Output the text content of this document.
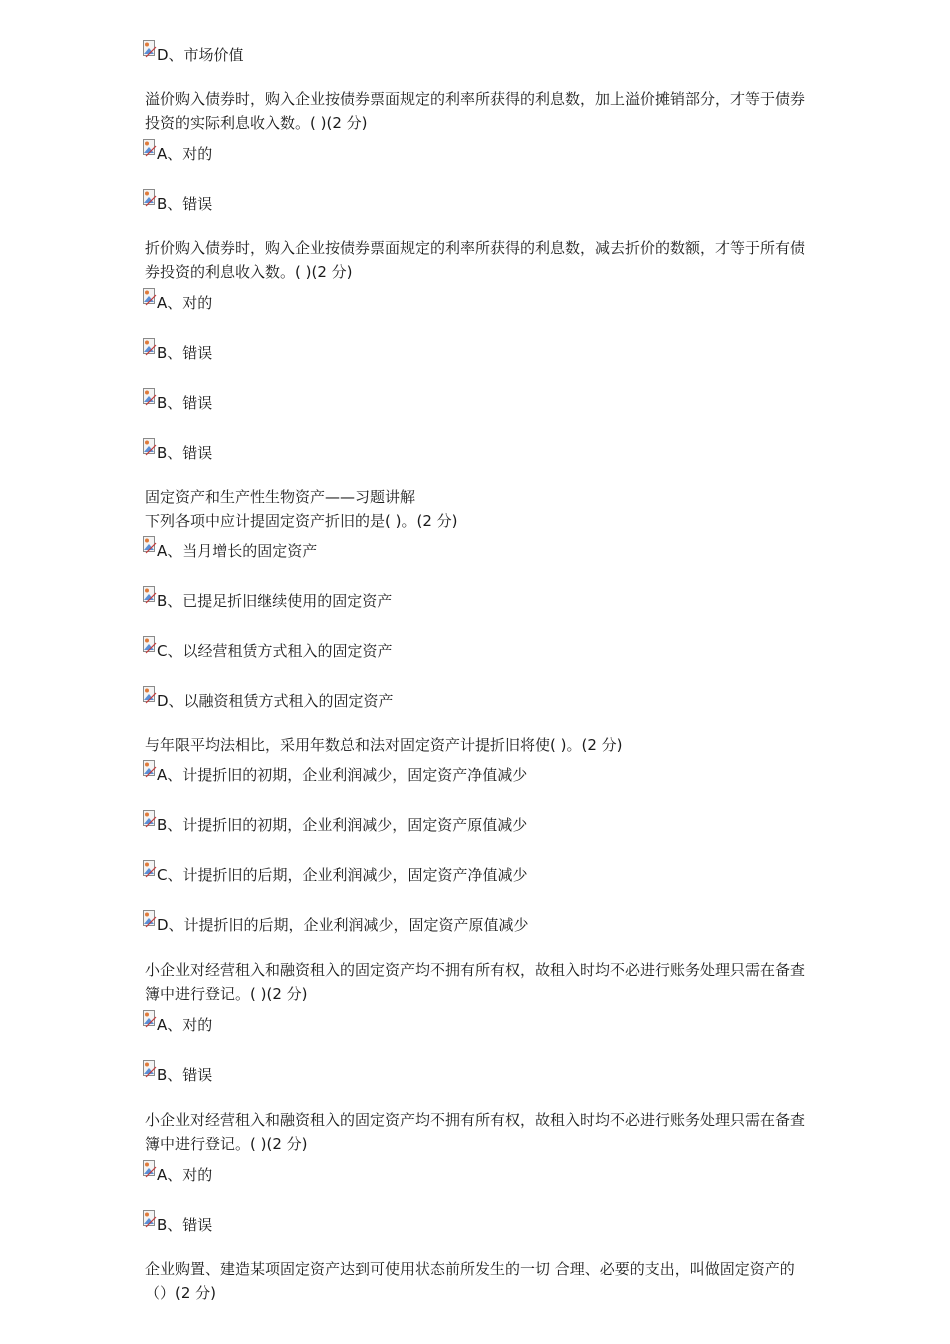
D、市场价值
溢价购入债券时，购入企业按债券票面规定的利率所获得的利息数，加上溢价摊销部分，才等于债券投资的实际利息收入数。( )(2 分)
A、对的
B、错误
折价购入债券时，购入企业按债券票面规定的利率所获得的利息数，减去折价的数额，才等于所有债券投资的利息收入数。( )(2 分)
A、对的
B、错误
B、错误
B、错误
固定资产和生产性生物资产——习题讲解
下列各项中应计提固定资产折旧的是( )。(2 分)
A、当月增长的固定资产
B、已提足折旧继续使用的固定资产
C、以经营租赁方式租入的固定资产
D、以融资租赁方式租入的固定资产
与年限平均法相比，采用年数总和法对固定资产计提折旧将使( )。(2 分)
A、计提折旧的初期，企业利润减少，固定资产净值减少
B、计提折旧的初期，企业利润减少，固定资产原值减少
C、计提折旧的后期，企业利润减少，固定资产净值减少
D、计提折旧的后期，企业利润减少，固定资产原值减少
小企业对经营租入和融资租入的固定资产均不拥有所有权，故租入时均不必进行账务处理只需在备查簿中进行登记。( )(2 分)
A、对的
B、错误
小企业对经营租入和融资租入的固定资产均不拥有所有权，故租入时均不必进行账务处理只需在备查簿中进行登记。( )(2 分)
A、对的
B、错误
企业购置、建造某项固定资产达到可使用状态前所发生的一切 合理、必要的支出，叫做固定资产的（）(2 分)
